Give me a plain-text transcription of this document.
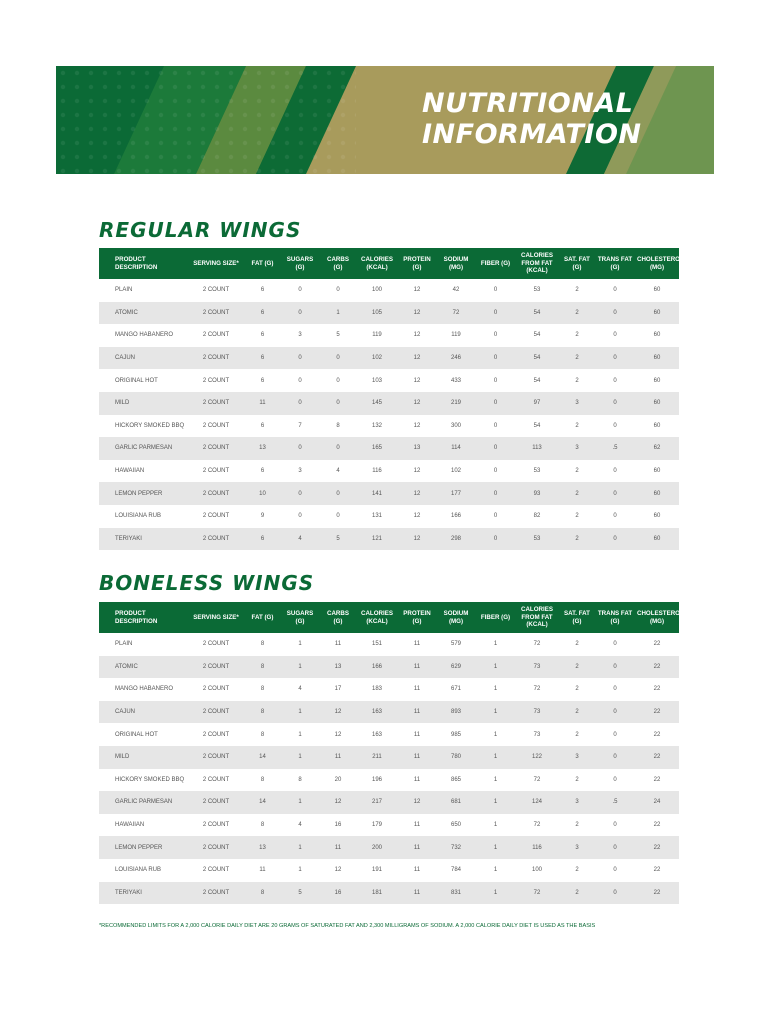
NUTRITIONAL
INFORMATION
REGULAR WINGS
PRODUCT DESCRIPTION	SERVING SIZE*	FAT (G)	SUGARS (G)	CARBS (G)	CALORIES (KCAL)	PROTEIN (G)	SODIUM (MG)	FIBER (G)	CALORIES FROM FAT (KCAL)	SAT. FAT (G)	TRANS FAT (G)	CHOLESTEROL (MG)
PLAIN	2 COUNT	6	0	0	100	12	42	0	53	2	0	60
ATOMIC	2 COUNT	6	0	1	105	12	72	0	54	2	0	60
MANGO HABANERO	2 COUNT	6	3	5	119	12	119	0	54	2	0	60
CAJUN	2 COUNT	6	0	0	102	12	246	0	54	2	0	60
ORIGINAL HOT	2 COUNT	6	0	0	103	12	433	0	54	2	0	60
MILD	2 COUNT	11	0	0	145	12	219	0	97	3	0	60
HICKORY SMOKED BBQ	2 COUNT	6	7	8	132	12	300	0	54	2	0	60
GARLIC PARMESAN	2 COUNT	13	0	0	165	13	114	0	113	3	.5	62
HAWAIIAN	2 COUNT	6	3	4	116	12	102	0	53	2	0	60
LEMON PEPPER	2 COUNT	10	0	0	141	12	177	0	93	2	0	60
LOUISIANA RUB	2 COUNT	9	0	0	131	12	166	0	82	2	0	60
TERIYAKI	2 COUNT	6	4	5	121	12	298	0	53	2	0	60
BONELESS WINGS
PRODUCT DESCRIPTION	SERVING SIZE*	FAT (G)	SUGARS (G)	CARBS (G)	CALORIES (KCAL)	PROTEIN (G)	SODIUM (MG)	FIBER (G)	CALORIES FROM FAT (KCAL)	SAT. FAT (G)	TRANS FAT (G)	CHOLESTEROL (MG)
PLAIN	2 COUNT	8	1	11	151	11	579	1	72	2	0	22
ATOMIC	2 COUNT	8	1	13	166	11	629	1	73	2	0	22
MANGO HABANERO	2 COUNT	8	4	17	183	11	671	1	72	2	0	22
CAJUN	2 COUNT	8	1	12	163	11	893	1	73	2	0	22
ORIGINAL HOT	2 COUNT	8	1	12	163	11	985	1	73	2	0	22
MILD	2 COUNT	14	1	11	211	11	780	1	122	3	0	22
HICKORY SMOKED BBQ	2 COUNT	8	8	20	196	11	865	1	72	2	0	22
GARLIC PARMESAN	2 COUNT	14	1	12	217	12	681	1	124	3	.5	24
HAWAIIAN	2 COUNT	8	4	16	179	11	650	1	72	2	0	22
LEMON PEPPER	2 COUNT	13	1	11	200	11	732	1	116	3	0	22
LOUISIANA RUB	2 COUNT	11	1	12	191	11	784	1	100	2	0	22
TERIYAKI	2 COUNT	8	5	16	181	11	831	1	72	2	0	22
*RECOMMENDED LIMITS FOR A 2,000 CALORIE DAILY DIET ARE 20 GRAMS OF SATURATED FAT AND 2,300 MILLIGRAMS OF SODIUM. A 2,000 CALORIE DAILY DIET IS USED AS THE BASIS
